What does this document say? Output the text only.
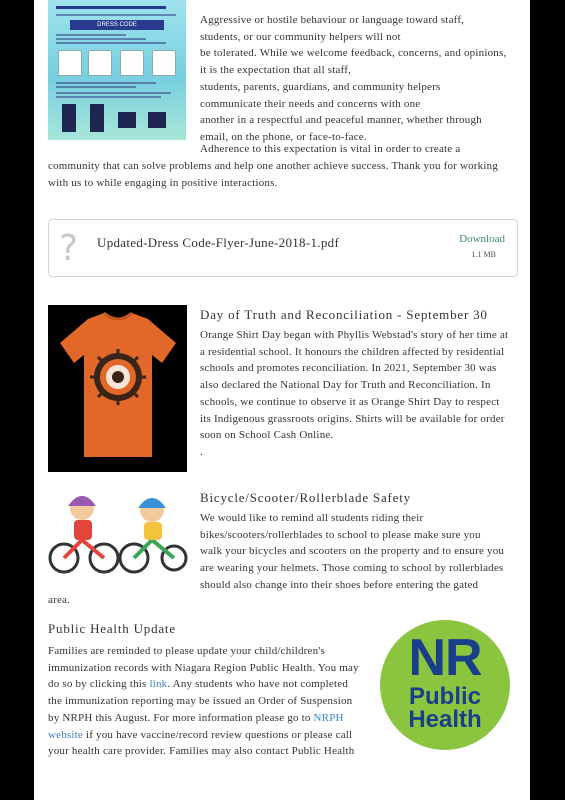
DRESS CODE	Aggressive or hostile behaviour or language toward staff,
students, or our community helpers will not
be tolerated. While we welcome feedback, concerns, and opinions,
it is the expectation that all staff,
students, parents, guardians, and community helpers
communicate their needs and concerns with one
another in a respectful and peaceful manner, whether through
email, on the phone, or face-to-face.
Adherence to this expectation is vital in order to create a
community that can solve problems and help one another achieve success. Thank you for working
with us to while engaging in positive interactions.
? Updated-Dress Code-Flyer-June-2018-1.pdf	Download
1.1 MB
Day of Truth and Reconciliation - September 30
Orange Shirt Day began with Phyllis Webstad's story of her time at
a residential school. It honours the children affected by residential
schools and promotes reconciliation. In 2021, September 30 was
also declared the National Day for Truth and Reconciliation. In
schools, we continue to observe it as Orange Shirt Day to respect
its Indigenous grassroots origins. Shirts will be available for order
soon on School Cash Online.
.
Bicycle/Scooter/Rollerblade Safety
We would like to remind all students riding their
bikes/scooters/rollerblades to school to please make sure you
walk your bicycles and scooters on the property and to ensure you
are wearing your helmets. Those coming to school by rollerblades
should also change into their shoes before entering the gated
area.
Public Health Update
Families are reminded to please update your child/children's
immunization records with Niagara Region Public Health. You may
do so by clicking this link. Any students who have not completed
the immunization reporting may be issued an Order of Suspension
by NRPH this August. For more information please go to NRPH
website if you have vaccine/record review questions or please call
your health care provider. Families may also contact Public Health
NR
Public
Health
